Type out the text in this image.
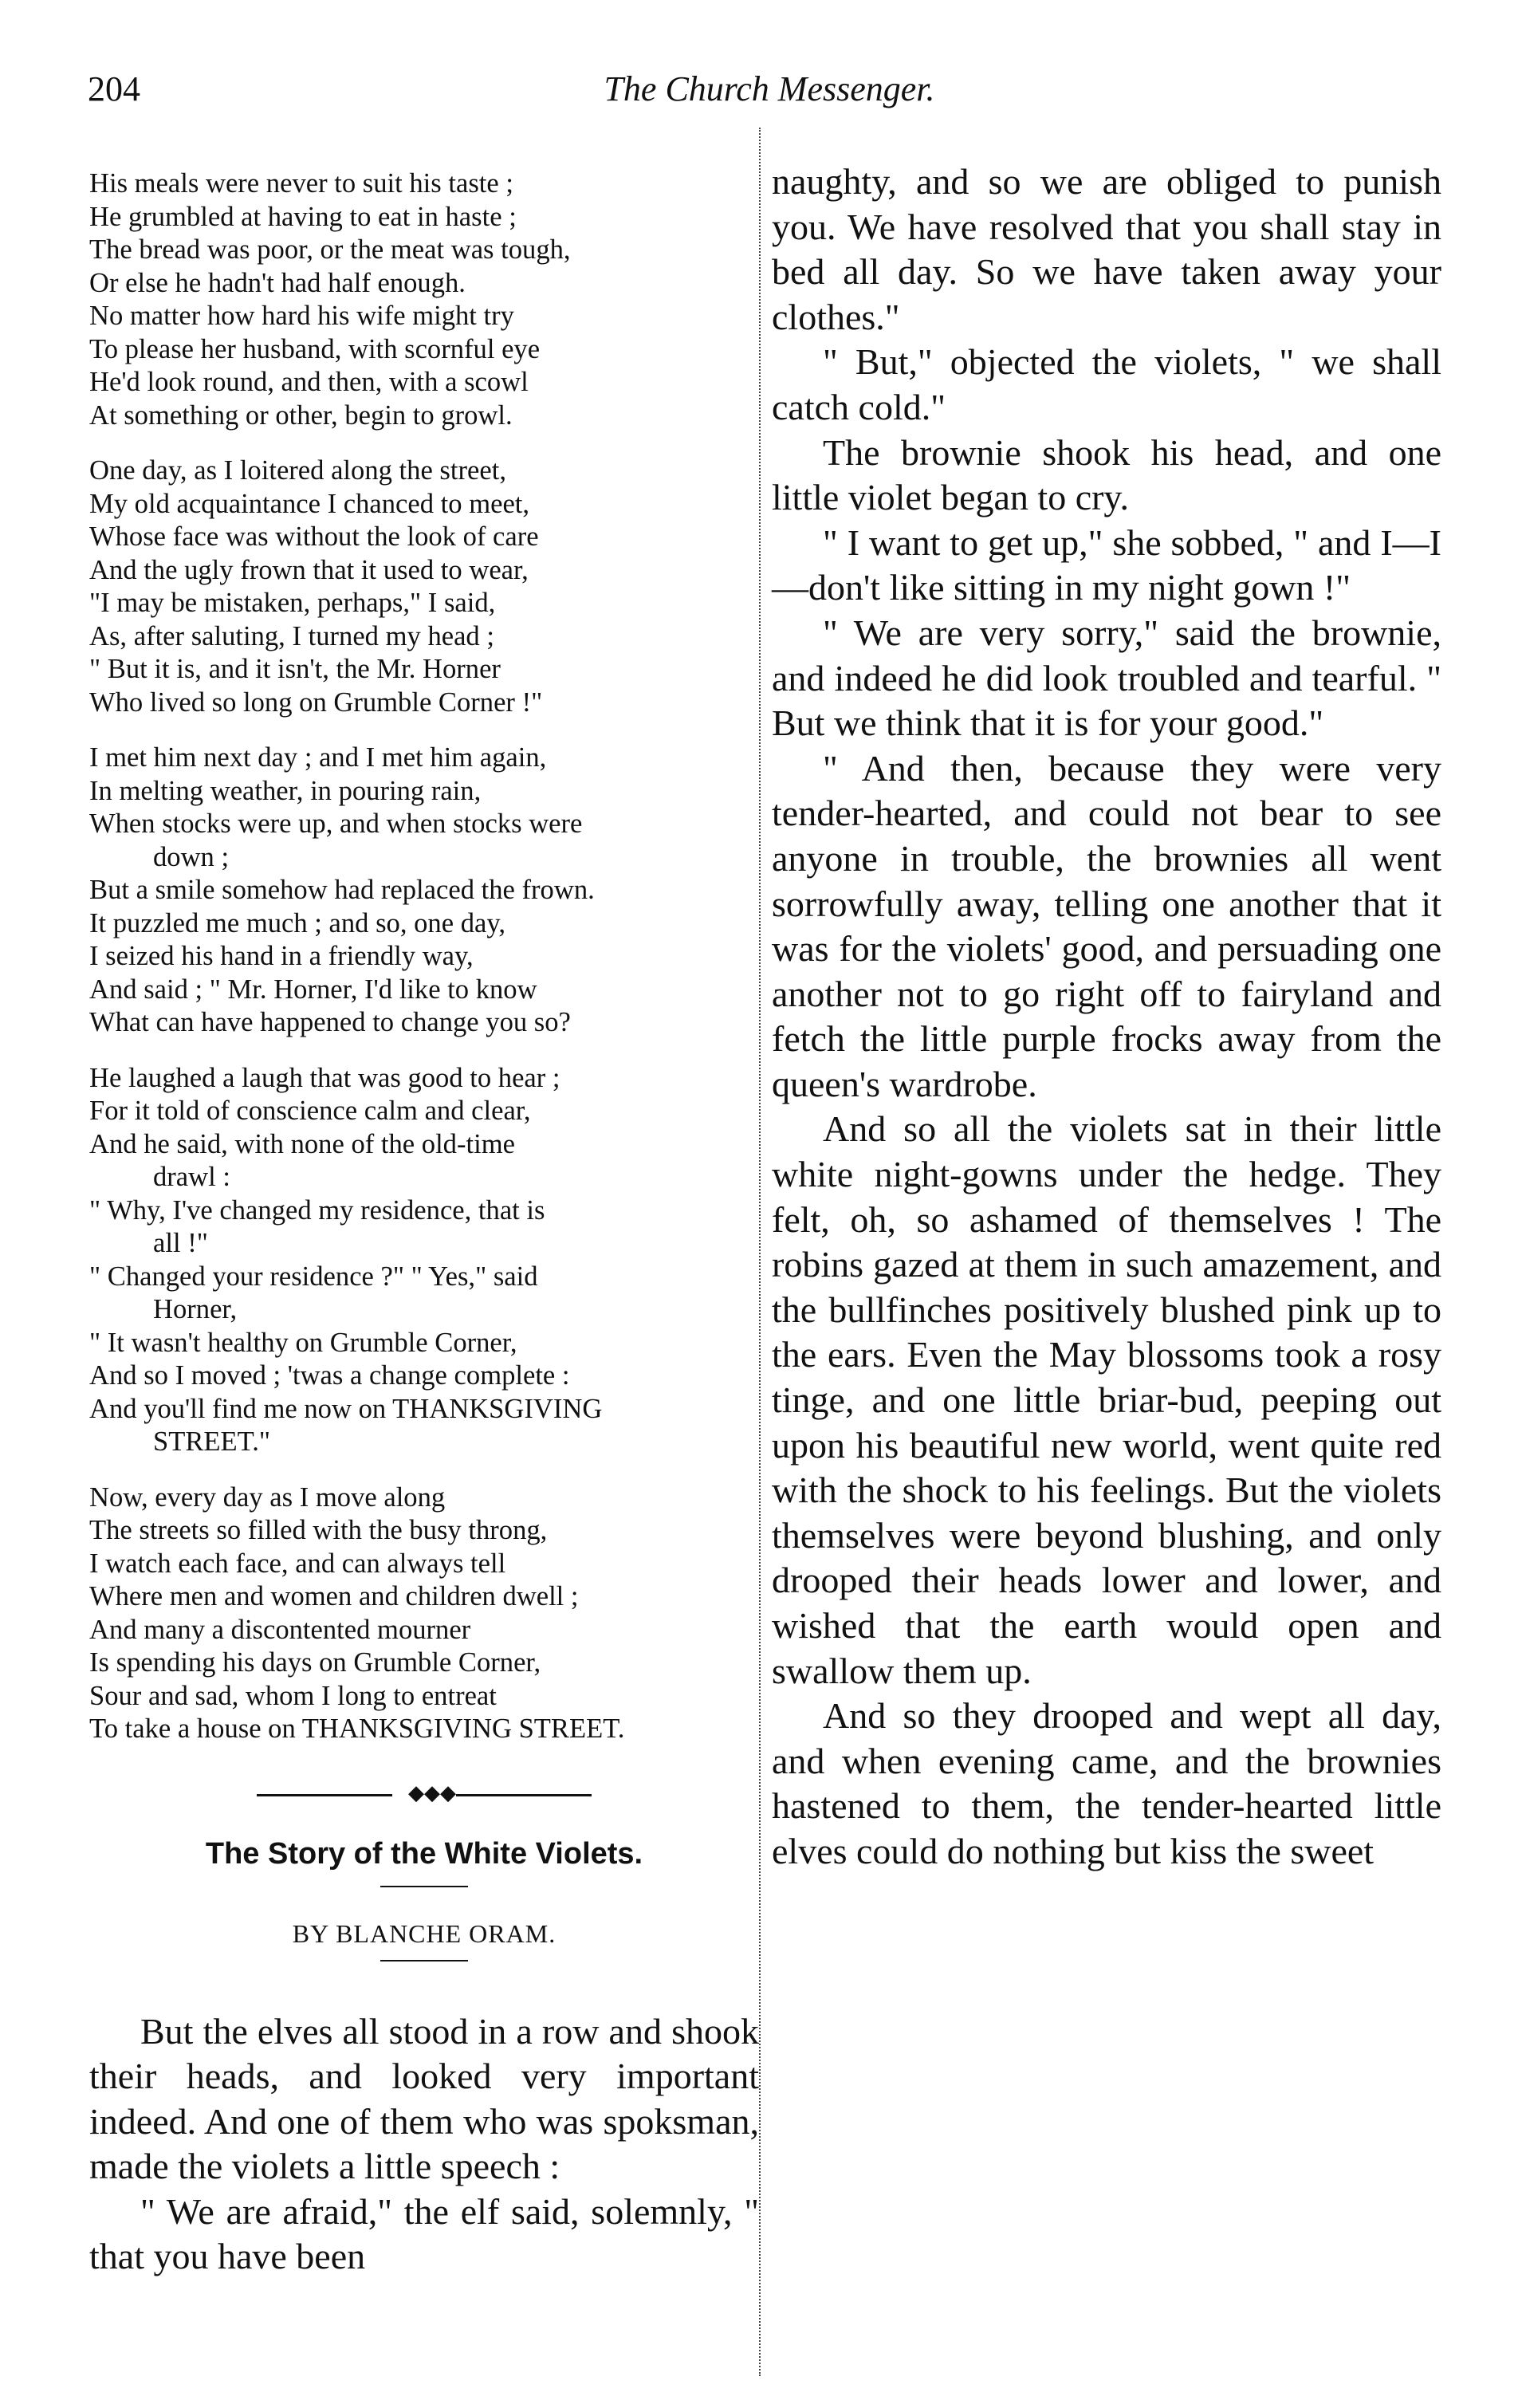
204	The Church Messenger.
His meals were never to suit his taste ;
He grumbled at having to eat in haste ;
The bread was poor, or the meat was tough,
Or else he hadn't had half enough.
No matter how hard his wife might try
To please her husband, with scornful eye
He'd look round, and then, with a scowl
At something or other, begin to growl.
One day, as I loitered along the street,
My old acquaintance I chanced to meet,
Whose face was without the look of care
And the ugly frown that it used to wear,
"I may be mistaken, perhaps," I said,
As, after saluting, I turned my head ;
" But it is, and it isn't, the Mr. Horner
Who lived so long on Grumble Corner !"
I met him next day ; and I met him again,
In melting weather, in pouring rain,
When stocks were up, and when stocks were
down ;
But a smile somehow had replaced the frown.
It puzzled me much ; and so, one day,
I seized his hand in a friendly way,
And said ; " Mr. Horner, I'd like to know
What can have happened to change you so?
He laughed a laugh that was good to hear ;
For it told of conscience calm and clear,
And he said, with none of the old-time
drawl :
" Why, I've changed my residence, that is
all !"
" Changed your residence ?" " Yes," said
Horner,
" It wasn't healthy on Grumble Corner,
And so I moved ; 'twas a change complete :
And you'll find me now on THANKSGIVING
STREET."
Now, every day as I move along
The streets so filled with the busy throng,
I watch each face, and can always tell
Where men and women and children dwell ;
And many a discontented mourner
Is spending his days on Grumble Corner,
Sour and sad, whom I long to entreat
To take a house on THANKSGIVING STREET.
◆◆◆
The Story of the White Violets.
BY BLANCHE ORAM.

But the elves all stood in a row and shook their heads, and looked very important indeed. And one of them who was spoksman, made the violets a little speech :

" We are afraid," the elf said, solemnly, " that you have been

naughty, and so we are obliged to punish you. We have resolved that you shall stay in bed all day. So we have taken away your clothes."

" But," objected the violets, " we shall catch cold."

The brownie shook his head, and one little violet began to cry.

" I want to get up," she sobbed, " and I—I—don't like sitting in my night gown !"

" We are very sorry," said the brownie, and indeed he did look troubled and tearful. " But we think that it is for your good."

" And then, because they were very tender-hearted, and could not bear to see anyone in trouble, the brownies all went sorrowfully away, telling one another that it was for the violets' good, and persuading one another not to go right off to fairyland and fetch the little purple frocks away from the queen's wardrobe.

And so all the violets sat in their little white night-gowns under the hedge. They felt, oh, so ashamed of themselves ! The robins gazed at them in such amazement, and the bullfinches positively blushed pink up to the ears. Even the May blossoms took a rosy tinge, and one little briar-bud, peeping out upon his beautiful new world, went quite red with the shock to his feelings. But the violets themselves were beyond blushing, and only drooped their heads lower and lower, and wished that the earth would open and swallow them up.

And so they drooped and wept all day, and when evening came, and the brownies hastened to them, the tender-hearted little elves could do nothing but kiss the sweet
